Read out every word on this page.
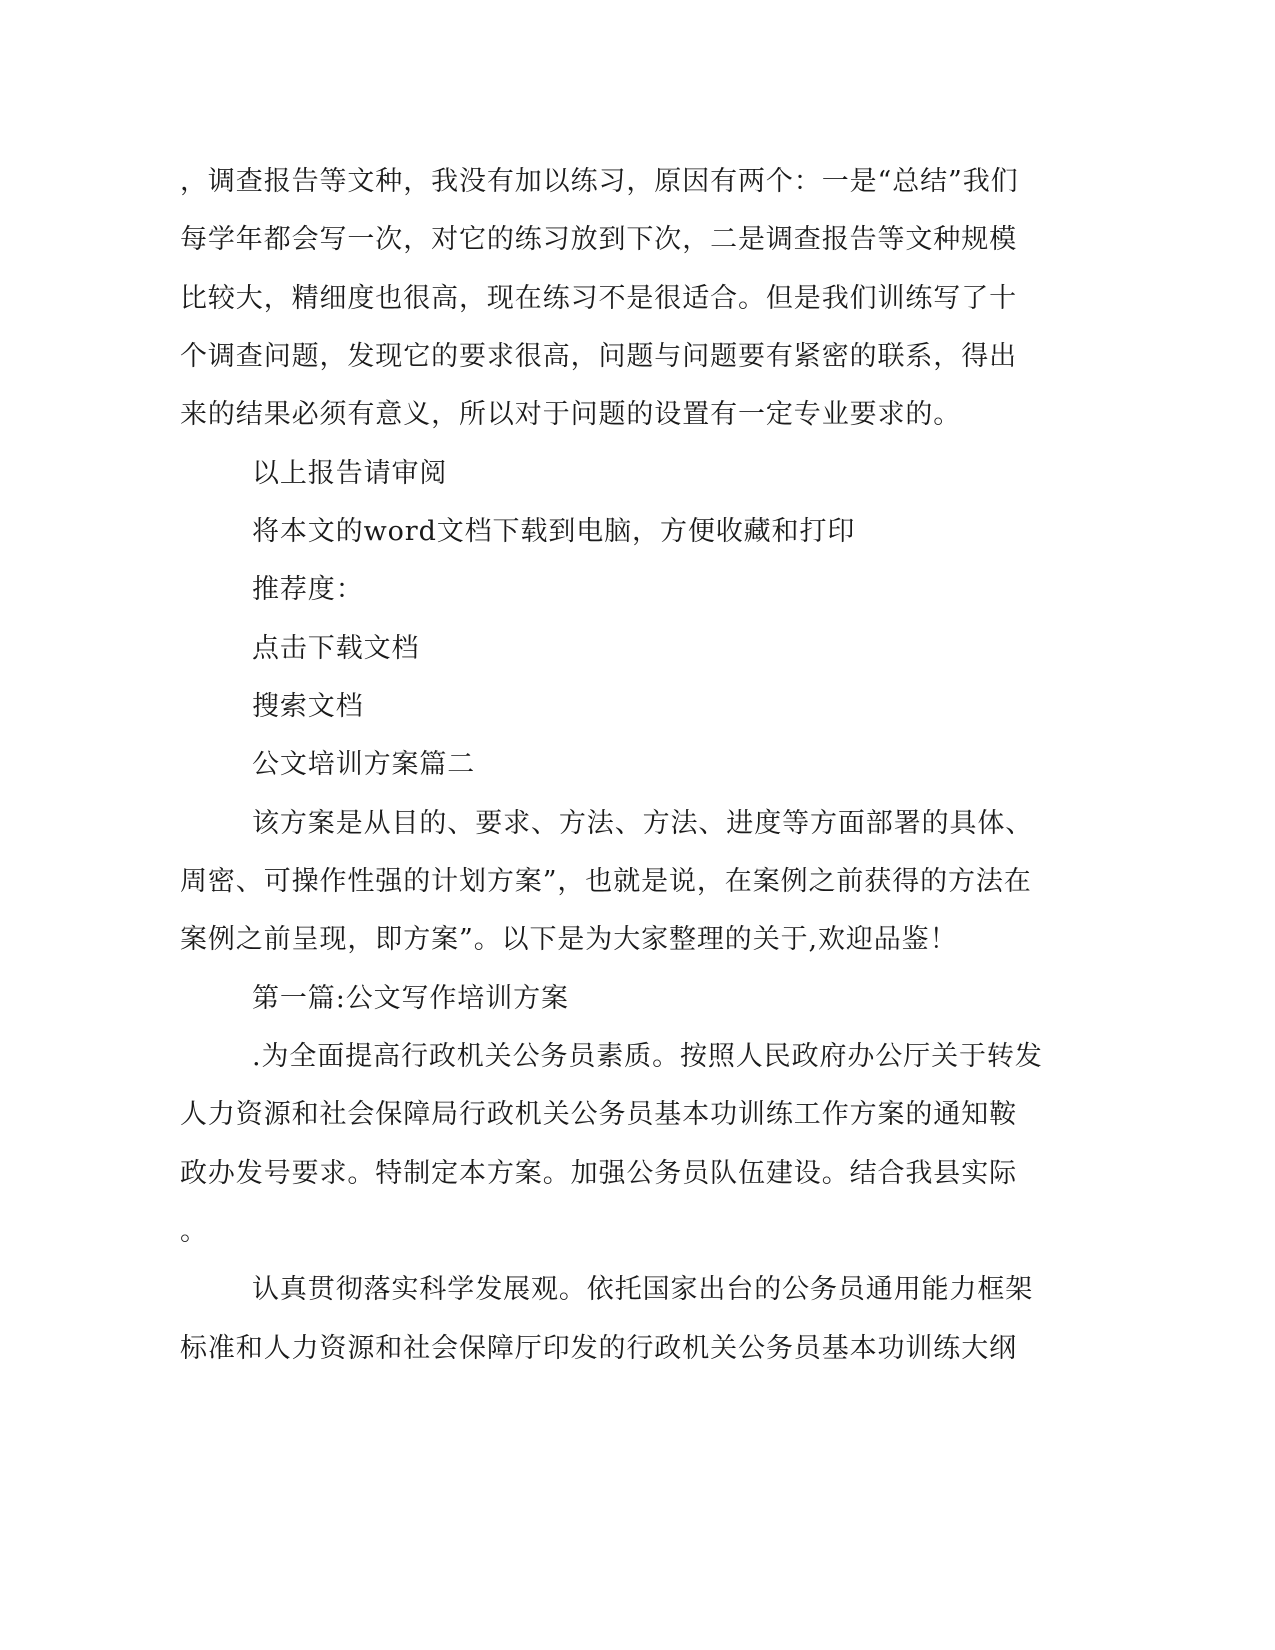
，调查报告等文种，我没有加以练习，原因有两个：一是“总结”我们
每学年都会写一次，对它的练习放到下次，二是调查报告等文种规模
比较大，精细度也很高，现在练习不是很适合。但是我们训练写了十
个调查问题，发现它的要求很高，问题与问题要有紧密的联系，得出
来的结果必须有意义，所以对于问题的设置有一定专业要求的。
以上报告请审阅
将本文的word文档下载到电脑，方便收藏和打印
推荐度：
点击下载文档
搜索文档
公文培训方案篇二
该方案是从目的、要求、方法、方法、进度等方面部署的具体、
周密、可操作性强的计划方案”，也就是说，在案例之前获得的方法在
案例之前呈现，即方案”。以下是为大家整理的关于,欢迎品鉴！
第一篇:公文写作培训方案
.为全面提高行政机关公务员素质。按照人民政府办公厅关于转发
人力资源和社会保障局行政机关公务员基本功训练工作方案的通知鞍
政办发号要求。特制定本方案。加强公务员队伍建设。结合我县实际
。
认真贯彻落实科学发展观。依托国家出台的公务员通用能力框架
标准和人力资源和社会保障厅印发的行政机关公务员基本功训练大纲
